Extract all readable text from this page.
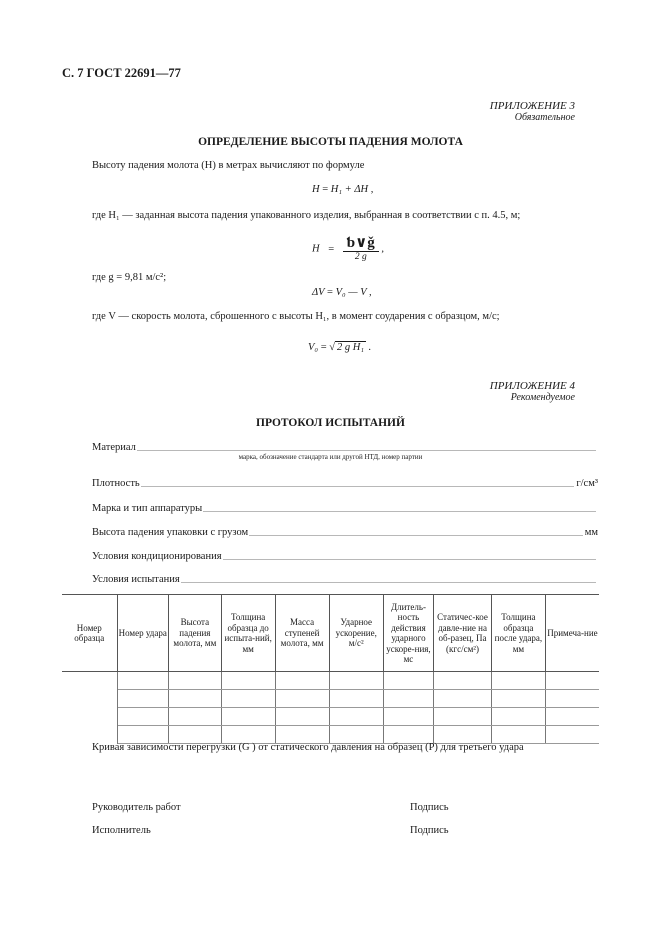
С. 7 ГОСТ 22691—77
ПРИЛОЖЕНИЕ 3
Обязательное
ОПРЕДЕЛЕНИЕ ВЫСОТЫ ПАДЕНИЯ МОЛОТА
Высоту падения молота (H) в метрах вычисляют по формуле
H = H₁ + ΔH ,
где H₁ — заданная высота падения упакованного изделия, выбранная в соответствии с п. 4.5, м;
$H = \frac{ƅ\vee ǧ}{2 g}$ ,
где g = 9,81 м/с²;
ΔV = V₀ — V ,
где V — скорость молота, сброшенного с высоты H₁, в момент соударения с образцом, м/с;
V₀ = √ 2 g H₁ .
ПРИЛОЖЕНИЕ 4
Рекомендуемое
ПРОТОКОЛ ИСПЫТАНИЙ
Материал
марка, обозначение стандарта или другой НТД, номер партии
Плотность	г/см³
Марка и тип аппаратуры
Высота падения упаковки с грузом	мм
Условия кондиционирования
Условия испытания
Номер образца	Номер удара	Высота падения молота, мм	Толщина образца до испыта-ний, мм	Масса ступеней молота, мм	Ударное ускорение, м/с²	Длитель-ность действия ударного ускоре-ния, мс	Статичес-кое давле-ние на об-разец, Па (кгс/см²)	Толщина образца после удара, мм	Примеча-ние

Кривая зависимости перегрузки (G ) от статического давления на образец (P) для третьего удара
Руководитель работ	Подпись
Исполнитель	Подпись
